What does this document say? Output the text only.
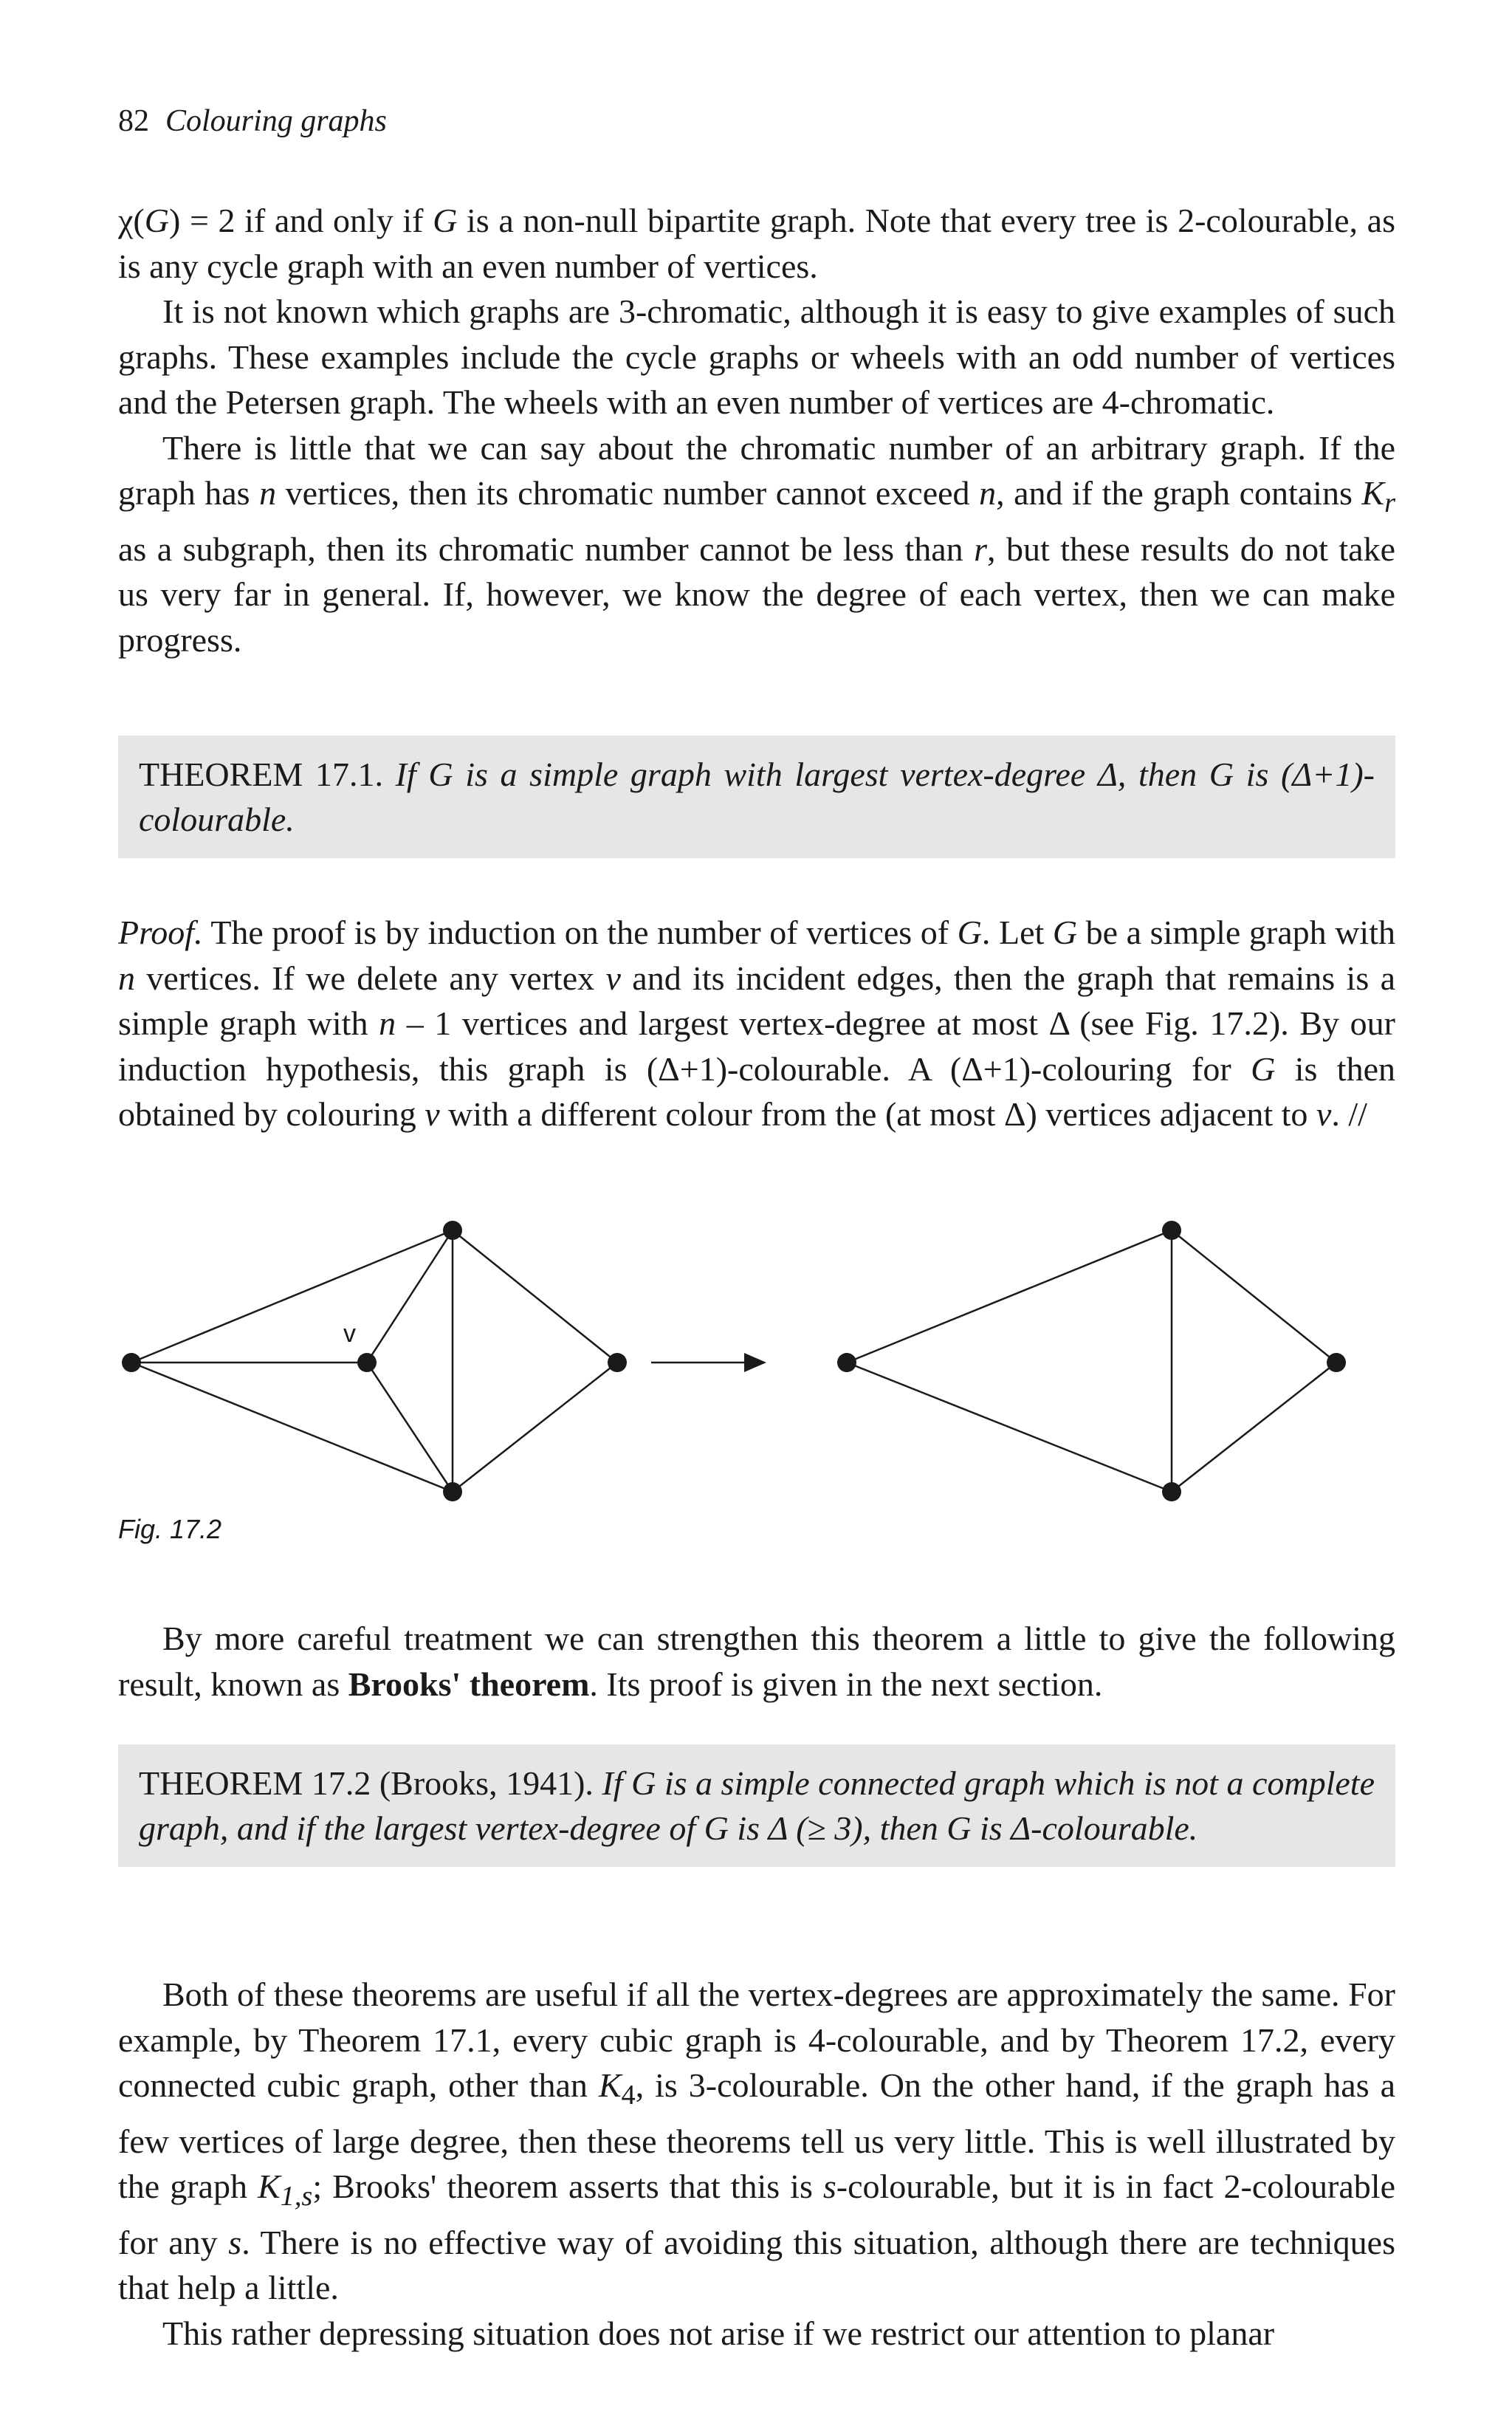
82 Colouring graphs

χ(G) = 2 if and only if G is a non-null bipartite graph. Note that every tree is 2-colourable, as is any cycle graph with an even number of vertices.

It is not known which graphs are 3-chromatic, although it is easy to give examples of such graphs. These examples include the cycle graphs or wheels with an odd number of vertices and the Petersen graph. The wheels with an even number of vertices are 4-chromatic.

There is little that we can say about the chromatic number of an arbitrary graph. If the graph has n vertices, then its chromatic number cannot exceed n, and if the graph contains $K_r$ as a subgraph, then its chromatic number cannot be less than r, but these results do not take us very far in general. If, however, we know the degree of each vertex, then we can make progress.

THEOREM 17.1. If G is a simple graph with largest vertex-degree Δ, then G is (Δ+1)-colourable.

Proof. The proof is by induction on the number of vertices of G. Let G be a simple graph with n vertices. If we delete any vertex v and its incident edges, then the graph that remains is a simple graph with n – 1 vertices and largest vertex-degree at most Δ (see Fig. 17.2). By our induction hypothesis, this graph is (Δ+1)-colourable. A (Δ+1)-colouring for G is then obtained by colouring v with a different colour from the (at most Δ) vertices adjacent to v. //

v
Fig. 17.2

By more careful treatment we can strengthen this theorem a little to give the following result, known as Brooks' theorem. Its proof is given in the next section.

THEOREM 17.2 (Brooks, 1941). If G is a simple connected graph which is not a complete graph, and if the largest vertex-degree of G is Δ (≥ 3), then G is Δ-colourable.

Both of these theorems are useful if all the vertex-degrees are approximately the same. For example, by Theorem 17.1, every cubic graph is 4-colourable, and by Theorem 17.2, every connected cubic graph, other than $K_4$, is 3-colourable. On the other hand, if the graph has a few vertices of large degree, then these theorems tell us very little. This is well illustrated by the graph $K_{1,s}$; Brooks' theorem asserts that this is s-colourable, but it is in fact 2-colourable for any s. There is no effective way of avoiding this situation, although there are techniques that help a little.

This rather depressing situation does not arise if we restrict our attention to planar
